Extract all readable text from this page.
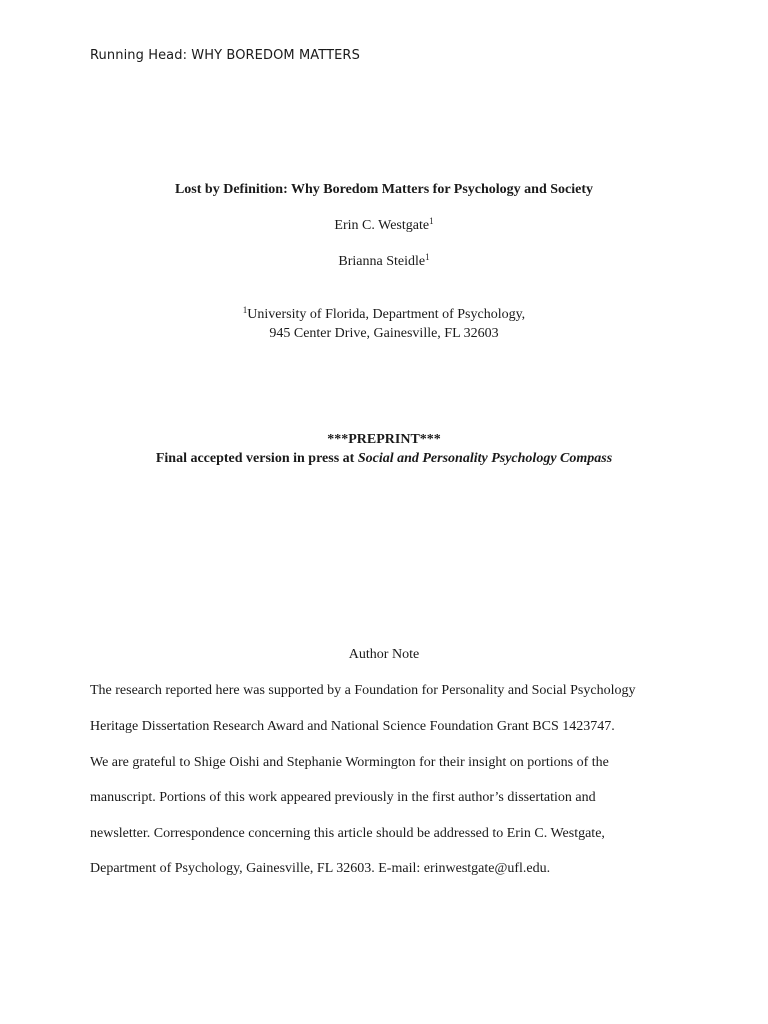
Running Head: WHY BOREDOM MATTERS
Lost by Definition: Why Boredom Matters for Psychology and Society
Erin C. Westgate$^1$
Brianna Steidle$^1$
$^1$University of Florida, Department of Psychology,
945 Center Drive, Gainesville, FL 32603
***PREPRINT***
Final accepted version in press at Social and Personality Psychology Compass
Author Note
The research reported here was supported by a Foundation for Personality and Social Psychology
Heritage Dissertation Research Award and National Science Foundation Grant BCS 1423747.
We are grateful to Shige Oishi and Stephanie Wormington for their insight on portions of the
manuscript. Portions of this work appeared previously in the first author’s dissertation and
newsletter. Correspondence concerning this article should be addressed to Erin C. Westgate,
Department of Psychology, Gainesville, FL 32603. E-mail: erinwestgate@ufl.edu.
